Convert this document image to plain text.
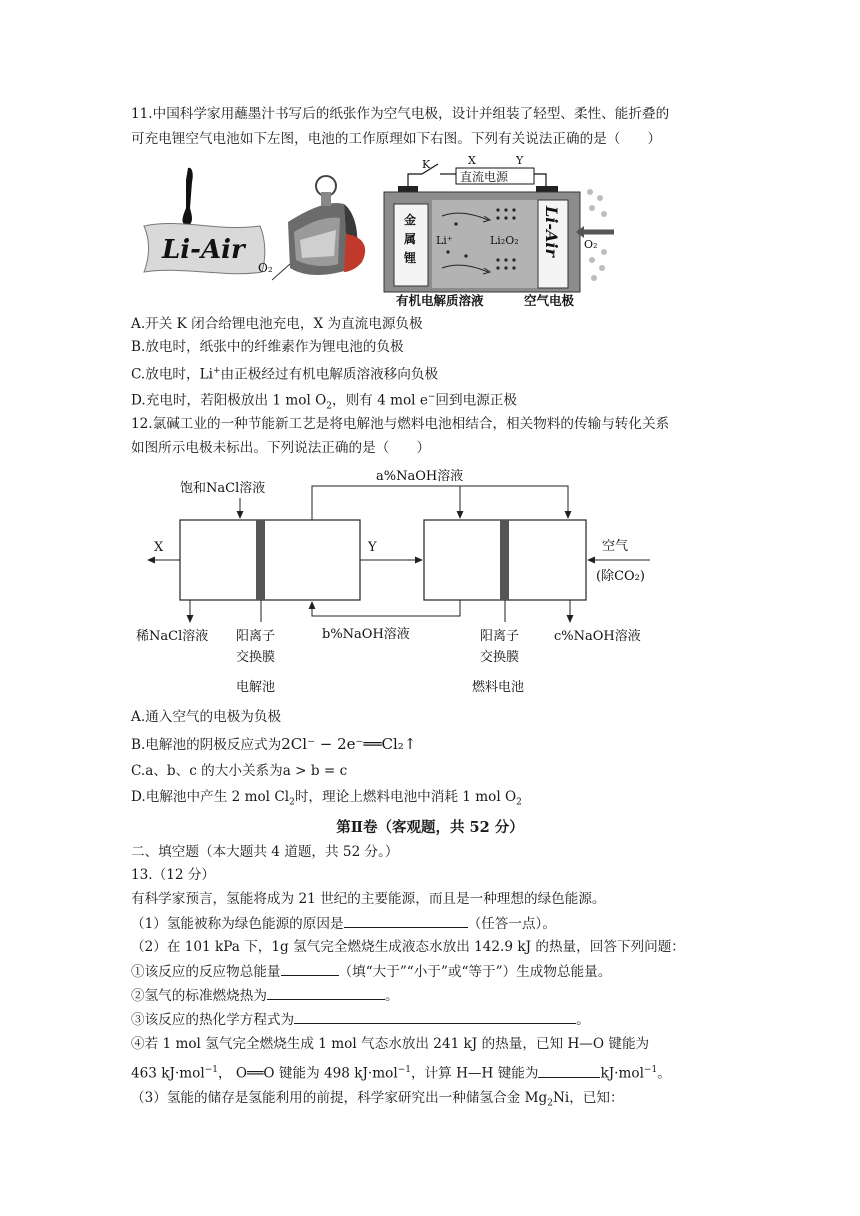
11.中国科学家用蘸墨汁书写后的纸张作为空气电极，设计并组装了轻型、柔性、能折叠的
可充电锂空气电池如下左图，电池的工作原理如下右图。下列有关说法正确的是（　　）
Li-Air
O₂
直流电源
K	X	Y
金
属
锂
Li⁺	Li₂O₂ Li-Air O₂
有机电解质溶液	空气电极
A.开关 K 闭合给锂电池充电，X 为直流电源负极
B.放电时，纸张中的纤维素作为锂电池的负极
C.放电时，Li+由正极经过有机电解质溶液移向负极
D.充电时，若阳极放出 1 mol $O_2$，则有 4 mol e−回到电源正极
12.氯碱工业的一种节能新工艺是将电解池与燃料电池相结合，相关物料的传输与转化关系
如图所示电极未标出。下列说法正确的是（　　）
饱和NaCl溶液
a%NaOH溶液
X	Y	空气
(除CO₂)
稀NaCl溶液 阳离子
交换膜
电解池
b%NaOH溶液	阳离子
交换膜
燃料电池
c%NaOH溶液
A.通入空气的电极为负极
B.电解池的阴极反应式为2Cl⁻ − 2e⁻══Cl₂↑
C.a、b、c 的大小关系为a > b = c
D.电解池中产生 2 mol $Cl_2$时，理论上燃料电池中消耗 1 mol $O_2$
第Ⅱ卷（客观题，共 52 分）
二、填空题（本大题共 4 道题，共 52 分。）
13.（12 分）
有科学家预言，氢能将成为 21 世纪的主要能源，而且是一种理想的绿色能源。
（1）氢能被称为绿色能源的原因是	（任答一点）。
（2）在 101 kPa 下，1g 氢气完全燃烧生成液态水放出 142.9 kJ 的热量，回答下列问题：
①该反应的反应物总能量	（填“大于”“小于”或“等于”）生成物总能量。
②氢气的标准燃烧热为	。
③该反应的热化学方程式为	。
④若 1 mol 氢气完全燃烧生成 1 mol 气态水放出 241 kJ 的热量，已知 H—O 键能为
463 kJ·mol$^{-1}$， O══O 键能为 498 kJ·mol$^{-1}$，计算 H—H 键能为	kJ·mol$^{-1}$。
（3）氢能的储存是氢能利用的前提，科学家研究出一种储氢合金 $Mg_2Ni$，已知：
